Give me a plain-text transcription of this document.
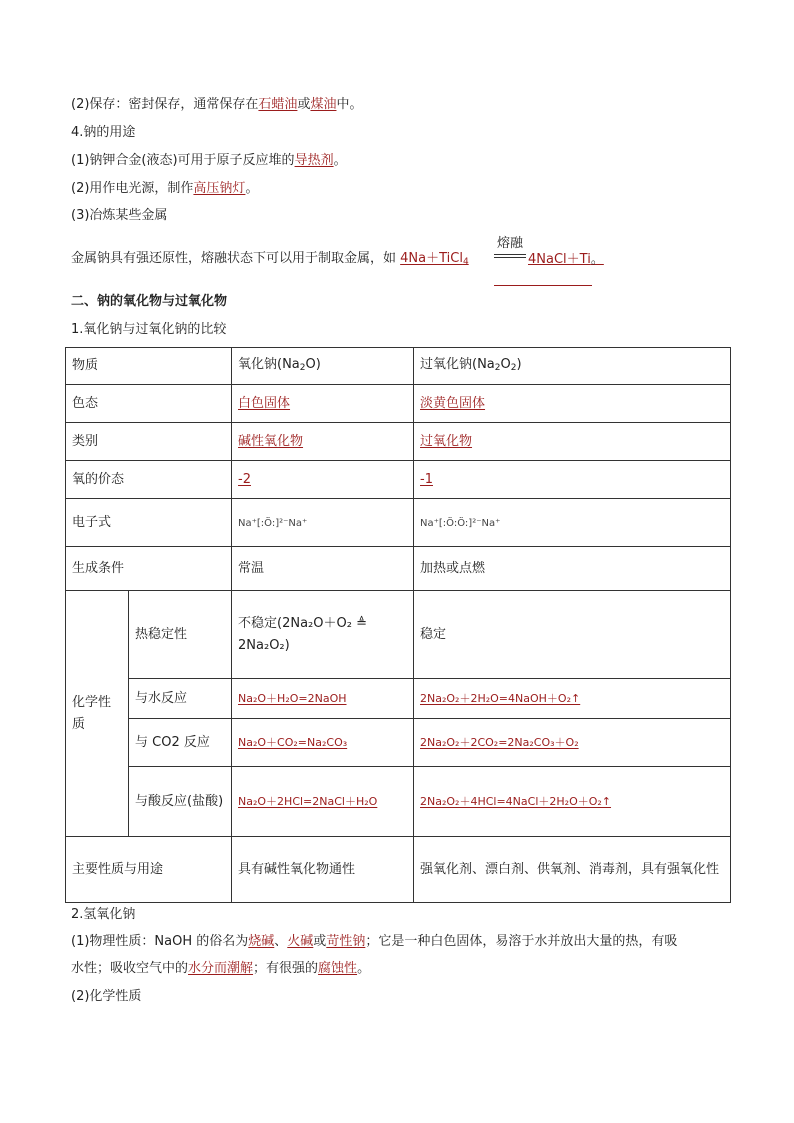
(2)保存：密封保存，通常保存在石蜡油或煤油中。
4.钠的用途
(1)钠钾合金(液态)可用于原子反应堆的导热剂。
(2)用作电光源，制作高压钠灯。
(3)冶炼某些金属
金属钠具有强还原性，熔融状态下可以用于制取金属，如 4Na＋TiCl$_4$
熔融
4NaCl＋Ti。
二、钠的氧化物与过氧化物
1.氧化钠与过氧化钠的比较
物质		氧化钠$(Na_2O)$	过氧化钠$(Na_2O_2)$
色态		白色固体	淡黄色固体
类别		碱性氧化物	过氧化物
氧的价态		-2	-1
电子式		Na⁺[:Ö:]²⁻Na⁺	Na⁺[:Ö:Ö:]²⁻Na⁺
生成条件		常温	加热或点燃
化学性质	热稳定性	不稳定(2Na₂O＋O₂ ≜ 2Na₂O₂)	稳定
	与水反应	Na₂O＋H₂O=2NaOH	2Na₂O₂＋2H₂O=4NaOH＋O₂↑
	与 CO2 反应	Na₂O＋CO₂=Na₂CO₃	2Na₂O₂＋2CO₂=2Na₂CO₃＋O₂
	与酸反应(盐酸)	Na₂O＋2HCl=2NaCl＋H₂O	2Na₂O₂＋4HCl=4NaCl＋2H₂O＋O₂↑
主要性质与用途		具有碱性氧化物通性	强氧化剂、漂白剂、供氧剂、消毒剂，具有强氧化性
2.氢氧化钠
(1)物理性质：NaOH 的俗名为烧碱、火碱或苛性钠；它是一种白色固体，易溶于水并放出大量的热，有吸
水性；吸收空气中的水分而潮解；有很强的腐蚀性。
(2)化学性质
